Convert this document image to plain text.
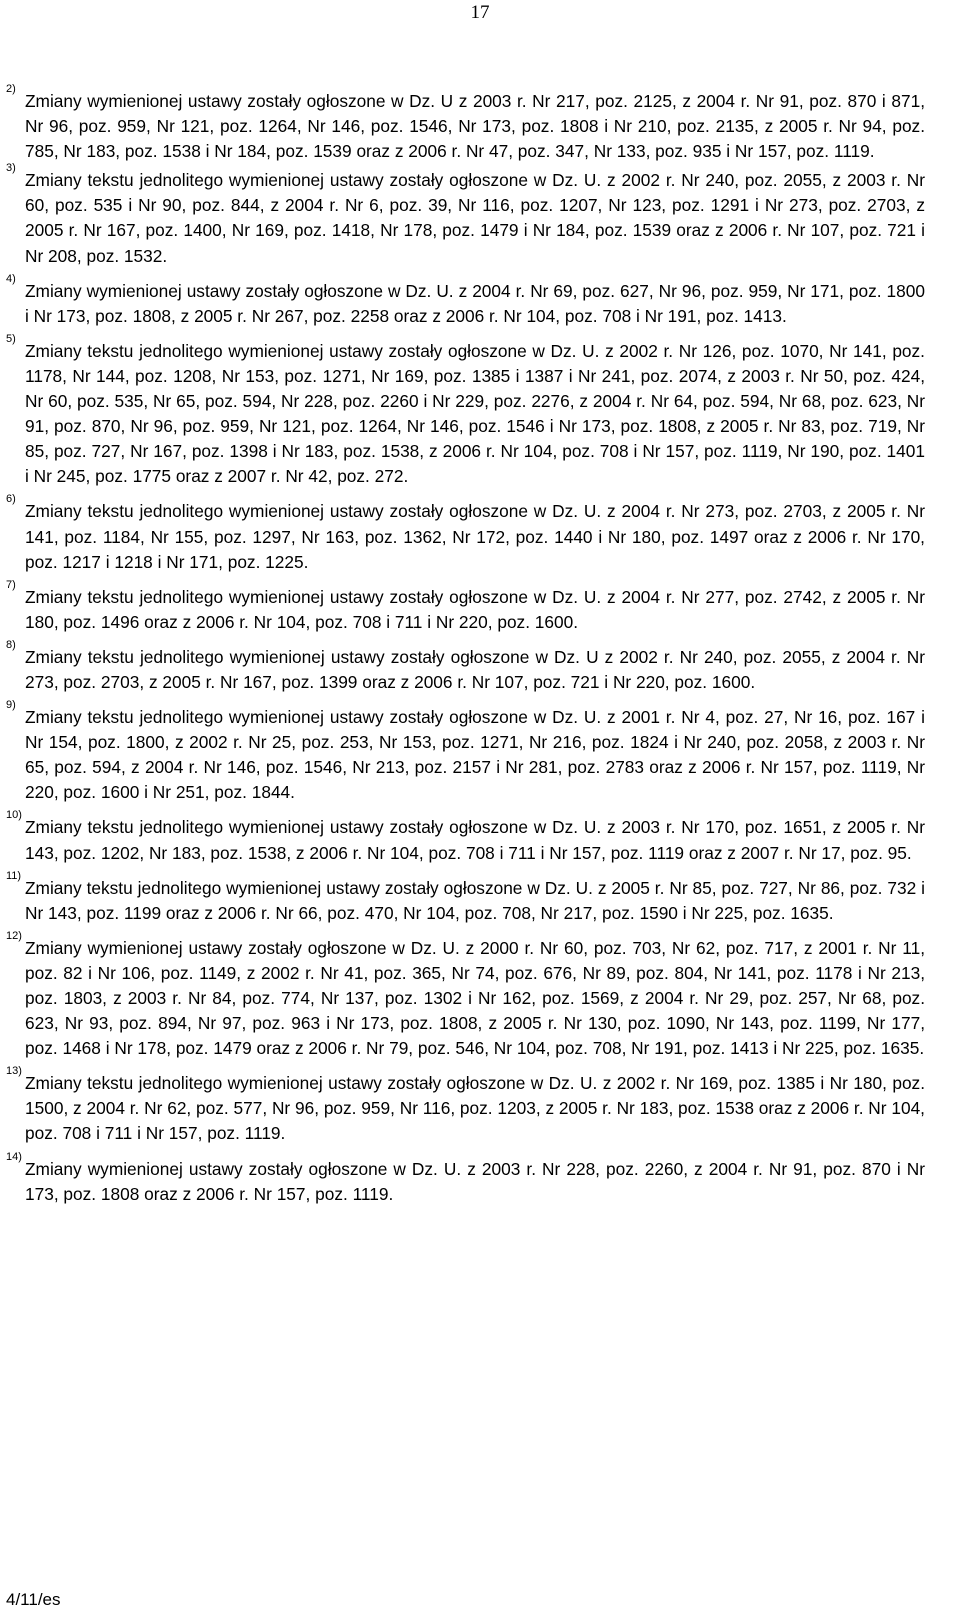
17
2)
Zmiany wymienionej ustawy zostały ogłoszone w Dz. U z 2003 r. Nr 217, poz. 2125, z 2004 r. Nr 91, poz. 870 i 871, Nr 96, poz. 959, Nr 121, poz. 1264, Nr 146, poz. 1546, Nr 173, poz. 1808 i Nr 210, poz. 2135, z 2005 r. Nr 94, poz. 785, Nr 183, poz. 1538 i Nr 184, poz. 1539 oraz z 2006 r. Nr 47, poz. 347, Nr 133, poz. 935 i Nr 157, poz. 1119.
3)
Zmiany tekstu jednolitego wymienionej ustawy zostały ogłoszone w Dz. U. z 2002 r. Nr 240, poz. 2055, z 2003 r. Nr 60, poz. 535 i Nr 90, poz. 844, z 2004 r. Nr 6, poz. 39, Nr 116, poz. 1207, Nr 123, poz. 1291 i Nr 273, poz. 2703, z 2005 r. Nr 167, poz. 1400, Nr 169, poz. 1418, Nr 178, poz. 1479 i Nr 184, poz. 1539 oraz z 2006 r. Nr 107, poz. 721 i Nr 208, poz. 1532.
4)
Zmiany wymienionej ustawy zostały ogłoszone w Dz. U. z 2004 r. Nr 69, poz. 627, Nr 96, poz. 959, Nr 171, poz. 1800 i Nr 173, poz. 1808, z 2005 r. Nr 267, poz. 2258 oraz z 2006 r. Nr 104, poz. 708 i Nr 191, poz. 1413.
5)
Zmiany tekstu jednolitego wymienionej ustawy zostały ogłoszone w Dz. U. z 2002 r. Nr 126, poz. 1070, Nr 141, poz. 1178, Nr 144, poz. 1208, Nr 153, poz. 1271, Nr 169, poz. 1385 i 1387 i Nr 241, poz. 2074, z 2003 r. Nr 50, poz. 424, Nr 60, poz. 535, Nr 65, poz. 594, Nr 228, poz. 2260 i Nr 229, poz. 2276, z 2004 r. Nr 64, poz. 594, Nr 68, poz. 623, Nr 91, poz. 870, Nr 96, poz. 959, Nr 121, poz. 1264, Nr 146, poz. 1546 i Nr 173, poz. 1808, z 2005 r. Nr 83, poz. 719, Nr 85, poz. 727, Nr 167, poz. 1398 i Nr 183, poz. 1538, z 2006 r. Nr 104, poz. 708 i Nr 157, poz. 1119, Nr 190, poz. 1401 i Nr 245, poz. 1775 oraz z 2007 r. Nr 42, poz. 272.
6)
Zmiany tekstu jednolitego wymienionej ustawy zostały ogłoszone w Dz. U. z 2004 r. Nr 273, poz. 2703, z 2005 r. Nr 141, poz. 1184, Nr 155, poz. 1297, Nr 163, poz. 1362, Nr 172, poz. 1440 i Nr 180, poz. 1497 oraz z 2006 r. Nr 170, poz. 1217 i 1218 i Nr 171, poz. 1225.
7)
Zmiany tekstu jednolitego wymienionej ustawy zostały ogłoszone w Dz. U. z 2004 r. Nr 277, poz. 2742, z 2005 r. Nr 180, poz. 1496 oraz z 2006 r. Nr 104, poz. 708 i 711 i Nr 220, poz. 1600.
8)
Zmiany tekstu jednolitego wymienionej ustawy zostały ogłoszone w Dz. U z 2002 r. Nr 240, poz. 2055, z 2004 r. Nr 273, poz. 2703, z 2005 r. Nr 167, poz. 1399 oraz z 2006 r. Nr 107, poz. 721 i Nr 220, poz. 1600.
9)
Zmiany tekstu jednolitego wymienionej ustawy zostały ogłoszone w Dz. U. z 2001 r. Nr 4, poz. 27, Nr 16, poz. 167 i Nr 154, poz. 1800, z 2002 r. Nr 25, poz. 253, Nr 153, poz. 1271, Nr 216, poz. 1824 i Nr 240, poz. 2058, z 2003 r. Nr 65, poz. 594, z 2004 r. Nr 146, poz. 1546, Nr 213, poz. 2157 i Nr 281, poz. 2783 oraz z 2006 r. Nr 157, poz. 1119, Nr 220, poz. 1600 i Nr 251, poz. 1844.
10)
Zmiany tekstu jednolitego wymienionej ustawy zostały ogłoszone w Dz. U. z 2003 r. Nr 170, poz. 1651, z 2005 r. Nr 143, poz. 1202, Nr 183, poz. 1538, z 2006 r. Nr 104, poz. 708 i 711 i Nr 157, poz. 1119 oraz z 2007 r. Nr 17, poz. 95.
11)
Zmiany tekstu jednolitego wymienionej ustawy zostały ogłoszone w Dz. U. z 2005 r. Nr 85, poz. 727, Nr 86, poz. 732 i Nr 143, poz. 1199 oraz z 2006 r. Nr 66, poz. 470, Nr 104, poz. 708, Nr 217, poz. 1590 i Nr 225, poz. 1635.
12)
Zmiany wymienionej ustawy zostały ogłoszone w Dz. U. z 2000 r. Nr 60, poz. 703, Nr 62, poz. 717, z 2001 r. Nr 11, poz. 82 i Nr 106, poz. 1149, z 2002 r. Nr 41, poz. 365, Nr 74, poz. 676, Nr 89, poz. 804, Nr 141, poz. 1178 i Nr 213, poz. 1803, z 2003 r. Nr 84, poz. 774, Nr 137, poz. 1302 i Nr 162, poz. 1569, z 2004 r. Nr 29, poz. 257, Nr 68, poz. 623, Nr 93, poz. 894, Nr 97, poz. 963 i Nr 173, poz. 1808, z 2005 r. Nr 130, poz. 1090, Nr 143, poz. 1199, Nr 177, poz. 1468 i Nr 178, poz. 1479 oraz z 2006 r. Nr 79, poz. 546, Nr 104, poz. 708, Nr 191, poz. 1413 i Nr 225, poz. 1635.
13)
Zmiany tekstu jednolitego wymienionej ustawy zostały ogłoszone w Dz. U. z 2002 r. Nr 169, poz. 1385 i Nr 180, poz. 1500, z 2004 r. Nr 62, poz. 577, Nr 96, poz. 959, Nr 116, poz. 1203, z 2005 r. Nr 183, poz. 1538 oraz z 2006 r. Nr 104, poz. 708 i 711 i Nr 157, poz. 1119.
14)
Zmiany wymienionej ustawy zostały ogłoszone w Dz. U. z 2003 r. Nr 228, poz. 2260, z 2004 r. Nr 91, poz. 870 i Nr 173, poz. 1808 oraz z 2006 r. Nr 157, poz. 1119.
4/11/es
